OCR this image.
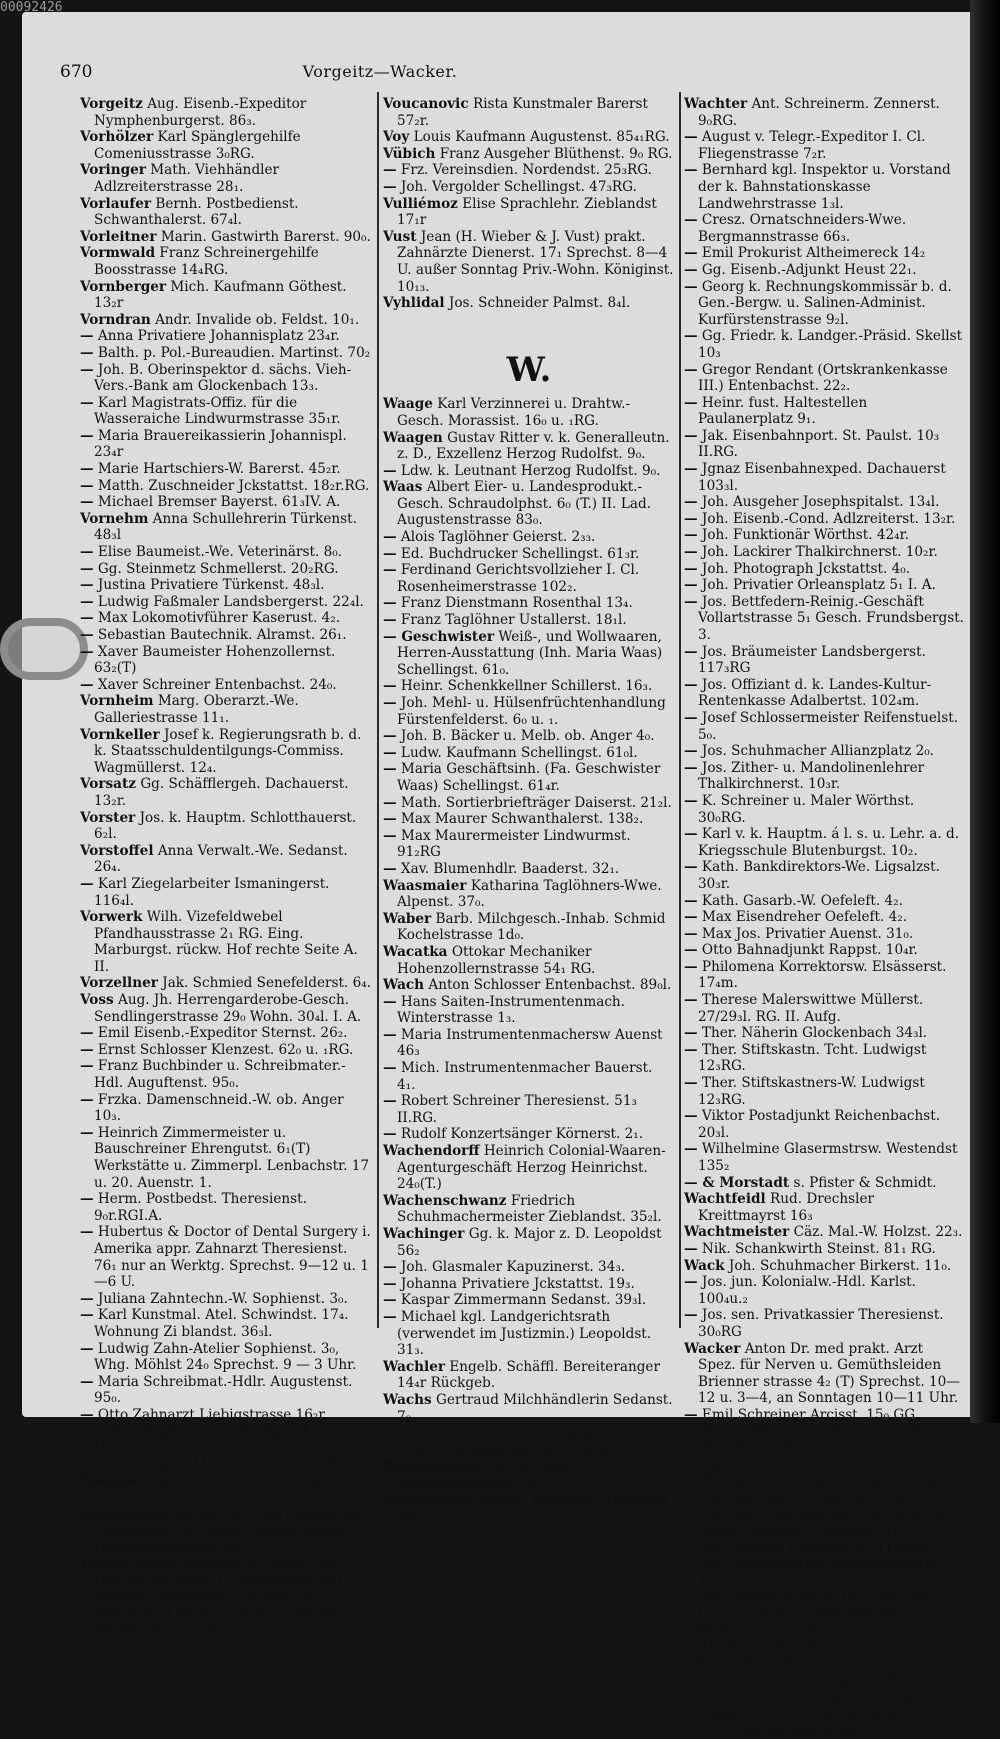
00092426
670	Vorgeitz—Wacker.

Vorgeitz Aug. Eisenb.-Expeditor Nymphenburgerst. 86₃.

Vorhölzer Karl Spänglergehilfe Comeniusstrasse 3₀RG.

Voringer Math. Viehhändler Adlzreiterstrasse 28₁.

Vorlaufer Bernh. Postbedienst. Schwanthalerst. 67₄l.

Vorleitner Marin. Gastwirth Barerst. 90₀.

Vormwald Franz Schreinergehilfe Boosstrasse 14₄RG.

Vornberger Mich. Kaufmann Göthest. 13₂r

Vorndran Andr. Invalide ob. Feldst. 10₁.

— Anna Privatiere Johannisplatz 23₄r.

— Balth. p. Pol.-Bureaudien. Martinst. 70₂

— Joh. B. Oberinspektor d. sächs. Vieh-Vers.-Bank am Glockenbach 13₃.

— Karl Magistrats-Offiz. für die Wasseraiche Lindwurmstrasse 35₁r.

— Maria Brauereikassierin Johannispl. 23₄r

— Marie Hartschiers-W. Barerst. 45₂r.

— Matth. Zuschneider Jckstattst. 18₂r.RG.

— Michael Bremser Bayerst. 61₃IV. A.

Vornehm Anna Schullehrerin Türkenst. 48₃l

— Elise Baumeist.-We. Veterinärst. 8₀.

— Gg. Steinmetz Schmellerst. 20₂RG.

— Justina Privatiere Türkenst. 48₃l.

— Ludwig Faßmaler Landsbergerst. 22₄l.

— Max Lokomotivführer Kaserust. 4₂.

— Sebastian Bautechnik. Alramst. 26₁.

— Xaver Baumeister Hohenzollernst. 63₂(T)

— Xaver Schreiner Entenbachst. 24₀.

Vornheim Marg. Oberarzt.-We. Galleriestrasse 11₁.

Vornkeller Josef k. Regierungsrath b. d. k. Staatsschuldentilgungs-Commiss. Wagmüllerst. 12₄.

Vorsatz Gg. Schäfflergeh. Dachauerst. 13₂r.

Vorster Jos. k. Hauptm. Schlotthauerst. 6₂l.

Vorstoffel Anna Verwalt.-We. Sedanst. 26₄.

— Karl Ziegelarbeiter Ismaningerst. 116₄l.

Vorwerk Wilh. Vizefeldwebel Pfandhausstrasse 2₁ RG. Eing. Marburgst. rückw. Hof rechte Seite A. II.

Vorzellner Jak. Schmied Senefelderst. 6₄.

Voss Aug. Jh. Herrengarderobe-Gesch. Sendlingerstrasse 29₀ Wohn. 30₄l. I. A.

— Emil Eisenb.-Expeditor Sternst. 26₂.

— Ernst Schlosser Klenzest. 62₀ u. ₁RG.

— Franz Buchbinder u. Schreibmater.-Hdl. Auguftenst. 95₀.

— Frzka. Damenschneid.-W. ob. Anger 10₃.

— Heinrich Zimmermeister u. Bauschreiner Ehrengutst. 6₁(T) Werkstätte u. Zimmerpl. Lenbachstr. 17 u. 20. Auenstr. 1.

— Herm. Postbedst. Theresienst. 9₀r.RGI.A.

— Hubertus & Doctor of Dental Surgery i. Amerika appr. Zahnarzt Theresienst. 76₁ nur an Werktg. Sprechst. 9—12 u. 1—6 U.

— Juliana Zahntechn.-W. Sophienst. 3₀.

— Karl Kunstmal. Atel. Schwindst. 17₄. Wohnung Zi blandst. 36₃l.

— Ludwig Zahn-Atelier Sophienst. 3₀, Whg. Möhlst 24₀ Sprechst. 9 — 3 Uhr.

— Maria Schreibmat.-Hdlr. Augustenst. 95₀.

— Otto Zahnarzt Liebigstrasse 16₂r. Atelier Sophienst. 3₀(T.) Sprechst. 9—4 Uhr.

— Wilh. Elektro-Monteur Ridlerst. 38₄l.

Vosseler Karl stdt. Aufs. Corneliusst 22₂RG

Vosselmann Katharina Cigarrengeschäft Theresienst. 93 Wohn. Milbertshofen Neulerchenfeldst. 16₁.

Votsch Adelb. Antiquar u. Besitz. der Dempwolff'schen Leihbibliothek mit großem Zeitschrift-Lesezirkel u. Antiquariat Promenadest. 12 Wohn. Thalkirchnerst. 88₁.

Voucanovic Rista Kunstmaler Barerst 57₂r.

Voy Louis Kaufmann Augustenst. 85₄₁RG.

Vübich Franz Ausgeher Blüthenst. 9₀ RG.

— Frz. Vereinsdien. Nordendst. 25₃RG.

— Joh. Vergolder Schellingst. 47₃RG.

Vulliémoz Elise Sprachlehr. Zieblandst 17₁r

Vust Jean (H. Wieber & J. Vust) prakt. Zahnärzte Dienerst. 17₁ Sprechst. 8—4 U. außer Sonntag Priv.-Wohn. Königinst. 10₁₃.

Vyhlidal Jos. Schneider Palmst. 8₄l.

W.

Waage Karl Verzinnerei u. Drahtw.-Gesch. Morassist. 16₀ u. ₁RG.

Waagen Gustav Ritter v. k. Generalleutn. z. D., Exzellenz Herzog Rudolfst. 9₀.

— Ldw. k. Leutnant Herzog Rudolfst. 9₀.

Waas Albert Eier- u. Landesprodukt.-Gesch. Schraudolphst. 6₀ (T.) II. Lad. Augustenstrasse 83₀.

— Alois Taglöhner Geierst. 2₃₃.

— Ed. Buchdrucker Schellingst. 61₃r.

— Ferdinand Gerichtsvollzieher I. Cl. Rosenheimerstrasse 102₂.

— Franz Dienstmann Rosenthal 13₄.

— Franz Taglöhner Ustallerst. 18₁l.

— Geschwister Weiß-, und Wollwaaren, Herren-Ausstattung (Inh. Maria Waas) Schellingst. 61₀.

— Heinr. Schenkkellner Schillerst. 16₃.

— Joh. Mehl- u. Hülsenfrüchtenhandlung Fürstenfelderst. 6₀ u. ₁.

— Joh. B. Bäcker u. Melb. ob. Anger 4₀.

— Ludw. Kaufmann Schellingst. 61₀l.

— Maria Geschäftsinh. (Fa. Geschwister Waas) Schellingst. 61₄r.

— Math. Sortierbriefträger Daiserst. 21₂l.

— Max Maurer Schwanthalerst. 138₂.

— Max Maurermeister Lindwurmst. 91₂RG

— Xav. Blumenhdlr. Baaderst. 32₁.

Waasmaier Katharina Taglöhners-Wwe. Alpenst. 37₀.

Waber Barb. Milchgesch.-Inhab. Schmid Kochelstrasse 1d₀.

Wacatka Ottokar Mechaniker Hohenzollernstrasse 54₁ RG.

Wach Anton Schlosser Entenbachst. 89₀l.

— Hans Saiten-Instrumentenmach. Winterstrasse 1₃.

— Maria Instrumentenmachersw Auenst 46₃

— Mich. Instrumentenmacher Bauerst. 4₁.

— Robert Schreiner Theresienst. 51₃ II.RG.

— Rudolf Konzertsänger Körnerst. 2₁.

Wachendorff Heinrich Colonial-Waaren-Agenturgeschäft Herzog Heinrichst. 24₀(T.)

Wachenschwanz Friedrich Schuhmachermeister Zieblandst. 35₂l.

Wachinger Gg. k. Major z. D. Leopoldst 56₂

— Joh. Glasmaler Kapuzinerst. 34₃.

— Johanna Privatiere Jckstattst. 19₃.

— Kaspar Zimmermann Sedanst. 39₃l.

— Michael kgl. Landgerichtsrath (verwendet im Justizmin.) Leopoldst. 31₃.

Wachler Engelb. Schäffl. Bereiteranger 14₄r Rückgeb.

Wachs Gertraud Milchhändlerin Sedanst. 7₀

— Leonh. Former Weißenburgerst. 15₃.

— Ther. Schuhmacherswe. Kohlst 1₃₄.

Wachslander Joh. Steinmetz Schmellerstrasse 24₃.

Wachsmuth Maxim. Kunstmal. Herzogst 36₃

Wachter Ant. Schreinerm. Zennerst. 9₀RG.

— August v. Telegr.-Expeditor I. Cl. Fliegenstrasse 7₂r.

— Bernhard kgl. Inspektor u. Vorstand der k. Bahnstationskasse Landwehrstrasse 1₃l.

— Cresz. Ornatschneiders-Wwe. Bergmannstrasse 66₃.

— Emil Prokurist Altheimereck 14₂

— Gg. Eisenb.-Adjunkt Heust 22₁.

— Georg k. Rechnungskommissär b. d. Gen.-Bergw. u. Salinen-Administ. Kurfürstenstrasse 9₂l.

— Gg. Friedr. k. Landger.-Präsid. Skellst 10₃

— Gregor Rendant (Ortskrankenkasse III.) Entenbachst. 22₂.

— Heinr. fust. Haltestellen Paulanerplatz 9₁.

— Jak. Eisenbahnport. St. Paulst. 10₃ II.RG.

— Jgnaz Eisenbahnexped. Dachauerst 103₃l.

— Joh. Ausgeher Josephspitalst. 13₄l.

— Joh. Eisenb.-Cond. Adlzreiterst. 13₂r.

— Joh. Funktionär Wörthst. 42₄r.

— Joh. Lackirer Thalkirchnerst. 10₂r.

— Joh. Photograph Jckstattst. 4₀.

— Joh. Privatier Orleansplatz 5₁ I. A.

— Jos. Bettfedern-Reinig.-Geschäft Vollartstrasse 5₁ Gesch. Frundsbergst. 3.

— Jos. Bräumeister Landsbergerst. 117₃RG

— Jos. Offiziant d. k. Landes-Kultur-Rentenkasse Adalbertst. 102₄m.

— Josef Schlossermeister Reifenstuelst. 5₀.

— Jos. Schuhmacher Allianzplatz 2₀.

— Jos. Zither- u. Mandolinenlehrer Thalkirchnerst. 10₃r.

— K. Schreiner u. Maler Wörthst. 30₀RG.

— Karl v. k. Hauptm. á l. s. u. Lehr. a. d. Kriegsschule Blutenburgst. 10₂.

— Kath. Bankdirektors-We. Ligsalzst. 30₃r.

— Kath. Gasarb.-W. Oefeleft. 4₂.

— Max Eisendreher Oefeleft. 4₂.

— Max Jos. Privatier Auenst. 31₀.

— Otto Bahnadjunkt Rappst. 10₄r.

— Philomena Korrektorsw. Elsässerst. 17₄m.

— Therese Malerswittwe Müllerst. 27/29₃l. RG. II. Aufg.

— Ther. Näherin Glockenbach 34₃l.

— Ther. Stiftskastn. Tcht. Ludwigst 12₃RG.

— Ther. Stiftskastners-W. Ludwigst 12₃RG.

— Viktor Postadjunkt Reichenbachst. 20₃l.

— Wilhelmine Glasermstrsw. Westendst 135₂

— & Morstadt s. Pfister & Schmidt.

Wachtfeidl Rud. Drechsler Kreittmayrst 16₃

Wachtmeister Cäz. Mal.-W. Holzst. 22₃.

— Nik. Schankwirth Steinst. 81₁ RG.

Wack Joh. Schuhmacher Birkerst. 11₀.

— Jos. jun. Kolonialw.-Hdl. Karlst. 100₄u.₂

— Jos. sen. Privatkassier Theresienst. 30₀RG

Wacker Anton Dr. med prakt. Arzt Spez. für Nerven u. Gemüthsleiden Brienner strasse 4₂ (T) Sprechst. 10—12 u. 3—4, an Sonntagen 10—11 Uhr.

— Emil Schreiner Arcisst. 15₀ GG.

— Frz. X. Maschinist Brudermühlst. 7₁.

— Friedrich Schreiner Augustenst. 58₀GG.

— Friedrich Schreiner. Fliegenst. 5₀r.

— Gg. Maschinist Fleischerst. 4₃.

— Gg. Mineralwasserfabr. Schlörst. 8₀.

— Jakob Baumstr. Herzogst. 91₂ (T.)

— Jak. Maurer Dachauerst. 113₃RG.

— Joh. Ablösewärter Schwanthalerst. 17₄.

— Joh. Heinrich Inh d. Fa. J. M. Lutz Creme-Lacke u. Wichsefabrik Radlsteg 2₀ u. ₂(T)

— Dr. Jos. pr Arzt Spez. f. Kinderkrankheit., Armenarzt, Redakt. d. ärztl. bayr. Correspond.-Blattes Müllerst. 43₄l. (T) Sprechstunden 8—9 und ¹/₂2—¹/₂3 Uhr (Sonn- u. Feiertage ausgenommen.)
